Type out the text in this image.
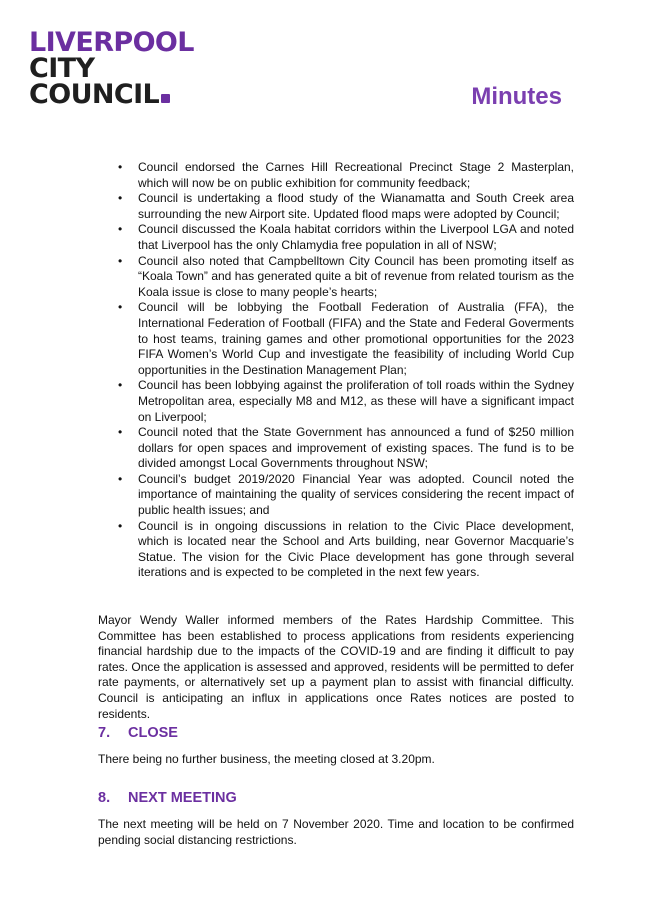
LIVERPOOL
CITY
COUNCIL	Minutes
• Council endorsed the Carnes Hill Recreational Precinct Stage 2 Masterplan, which will now be on public exhibition for community feedback;
• Council is undertaking a flood study of the Wianamatta and South Creek area surrounding the new Airport site. Updated flood maps were adopted by Council;
• Council discussed the Koala habitat corridors within the Liverpool LGA and noted that Liverpool has the only Chlamydia free population in all of NSW;
• Council also noted that Campbelltown City Council has been promoting itself as “Koala Town” and has generated quite a bit of revenue from related tourism as the Koala issue is close to many people’s hearts;
• Council will be lobbying the Football Federation of Australia (FFA), the International Federation of Football (FIFA) and the State and Federal Goverments to host teams, training games and other promotional opportunities for the 2023 FIFA Women’s World Cup and investigate the feasibility of including World Cup opportunities in the Destination Management Plan;
• Council has been lobbying against the proliferation of toll roads within the Sydney Metropolitan area, especially M8 and M12, as these will have a significant impact on Liverpool;
• Council noted that the State Government has announced a fund of $250 million dollars for open spaces and improvement of existing spaces. The fund is to be divided amongst Local Governments throughout NSW;
• Council’s budget 2019/2020 Financial Year was adopted. Council noted the importance of maintaining the quality of services considering the recent impact of public health issues; and
• Council is in ongoing discussions in relation to the Civic Place development, which is located near the School and Arts building, near Governor Macquarie’s Statue. The vision for the Civic Place development has gone through several iterations and is expected to be completed in the next few years.

Mayor Wendy Waller informed members of the Rates Hardship Committee. This Committee has been established to process applications from residents experiencing financial hardship due to the impacts of the COVID-19 and are finding it difficult to pay rates. Once the application is assessed and approved, residents will be permitted to defer rate payments, or alternatively set up a payment plan to assist with financial difficulty. Council is anticipating an influx in applications once Rates notices are posted to residents.

7. CLOSE

There being no further business, the meeting closed at 3.20pm.

8. NEXT MEETING

The next meeting will be held on 7 November 2020. Time and location to be confirmed pending social distancing restrictions.
